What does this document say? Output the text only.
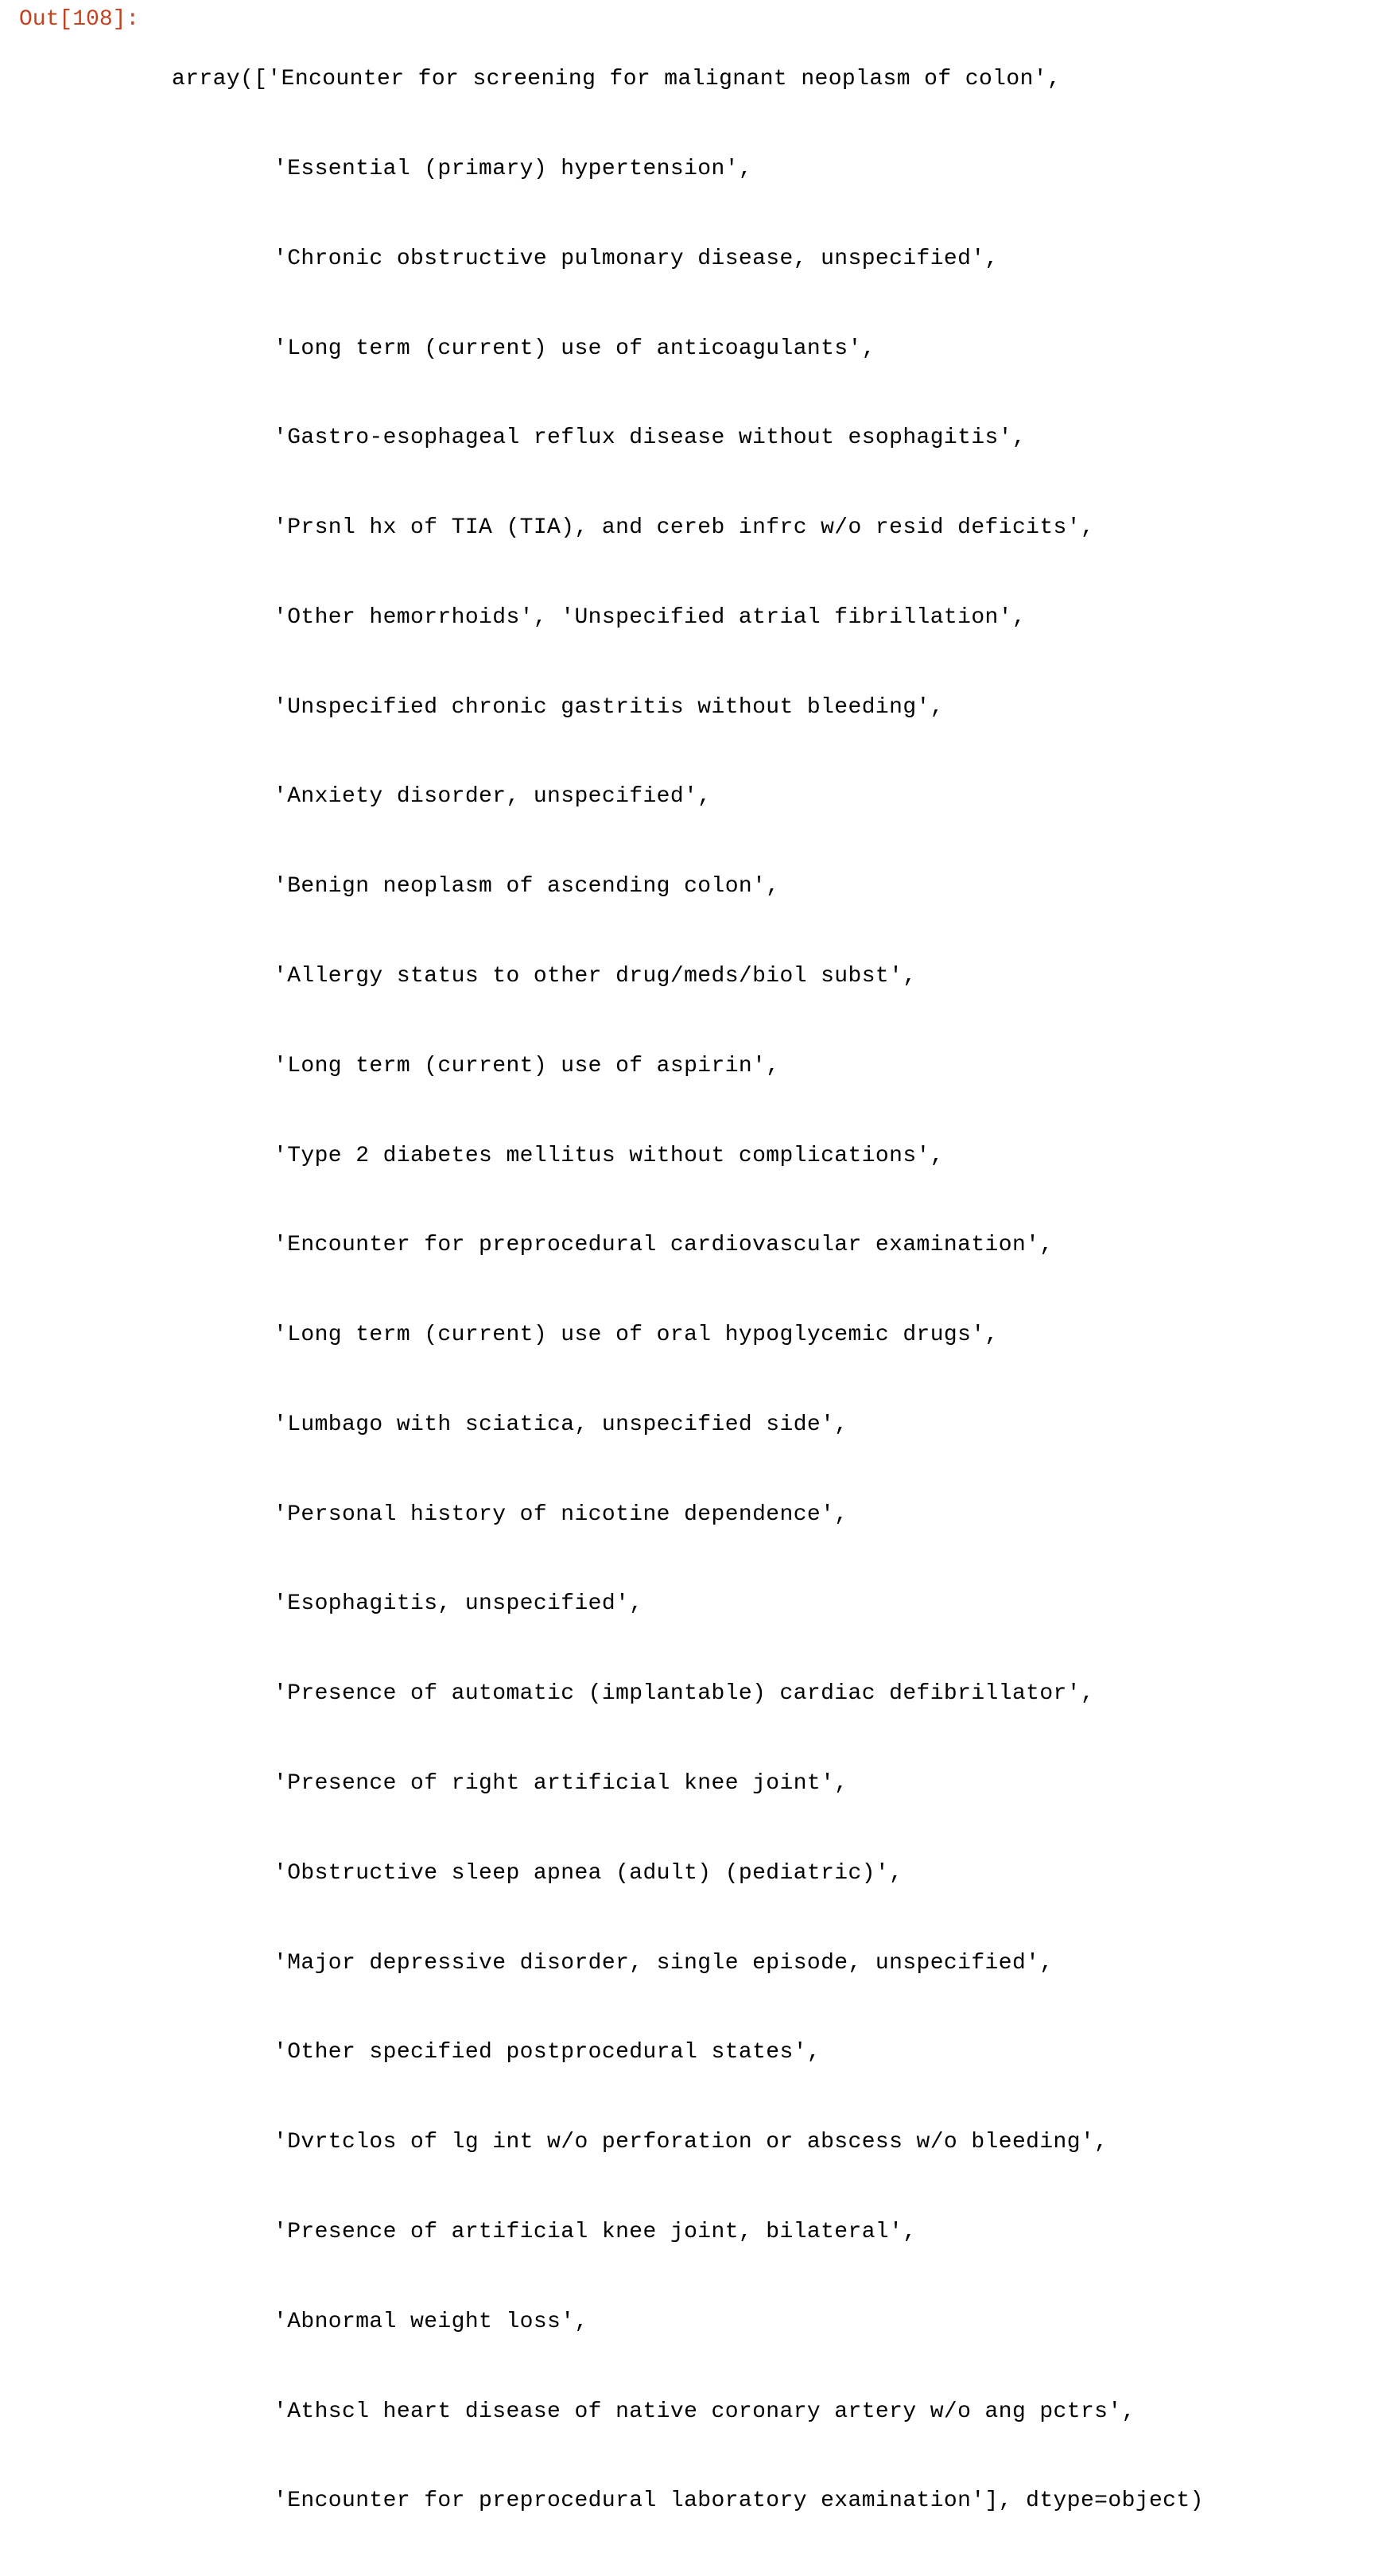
Out[108]:

array(['Encounter for screening for malignant neoplasm of colon',

'Essential (primary) hypertension',

'Chronic obstructive pulmonary disease, unspecified',

'Long term (current) use of anticoagulants',

'Gastro-esophageal reflux disease without esophagitis',

'Prsnl hx of TIA (TIA), and cereb infrc w/o resid deficits',

'Other hemorrhoids', 'Unspecified atrial fibrillation',

'Unspecified chronic gastritis without bleeding',

'Anxiety disorder, unspecified',

'Benign neoplasm of ascending colon',

'Allergy status to other drug/meds/biol subst',

'Long term (current) use of aspirin',

'Type 2 diabetes mellitus without complications',

'Encounter for preprocedural cardiovascular examination',

'Long term (current) use of oral hypoglycemic drugs',

'Lumbago with sciatica, unspecified side',

'Personal history of nicotine dependence',

'Esophagitis, unspecified',

'Presence of automatic (implantable) cardiac defibrillator',

'Presence of right artificial knee joint',

'Obstructive sleep apnea (adult) (pediatric)',

'Major depressive disorder, single episode, unspecified',

'Other specified postprocedural states',

'Dvrtclos of lg int w/o perforation or abscess w/o bleeding',

'Presence of artificial knee joint, bilateral',

'Abnormal weight loss',

'Athscl heart disease of native coronary artery w/o ang pctrs',

'Encounter for preprocedural laboratory examination'], dtype=object)
